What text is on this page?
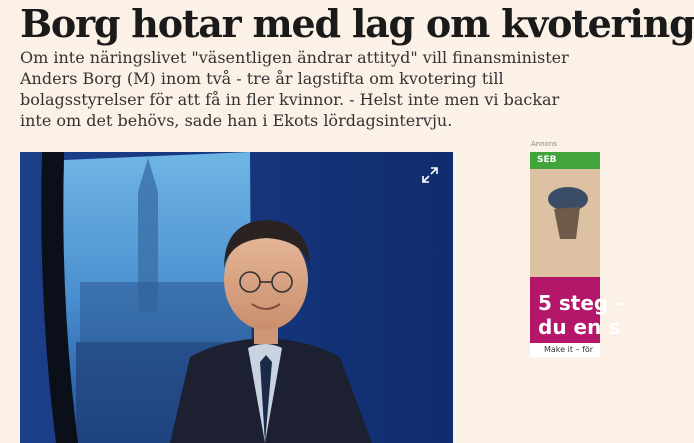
Borg hotar med lag om kvotering

Om inte näringslivet "väsentligen ändrar attityd" vill finansminister Anders Borg (M) inom två - tre år lagstifta om kvotering till bolagsstyrelser för att få in fler kvinnor. - Helst inte men vi backar inte om det behövs, sade han i Ekots lördagsintervju.

Annons
SEB
5 steg -
du en s
Make it – för
